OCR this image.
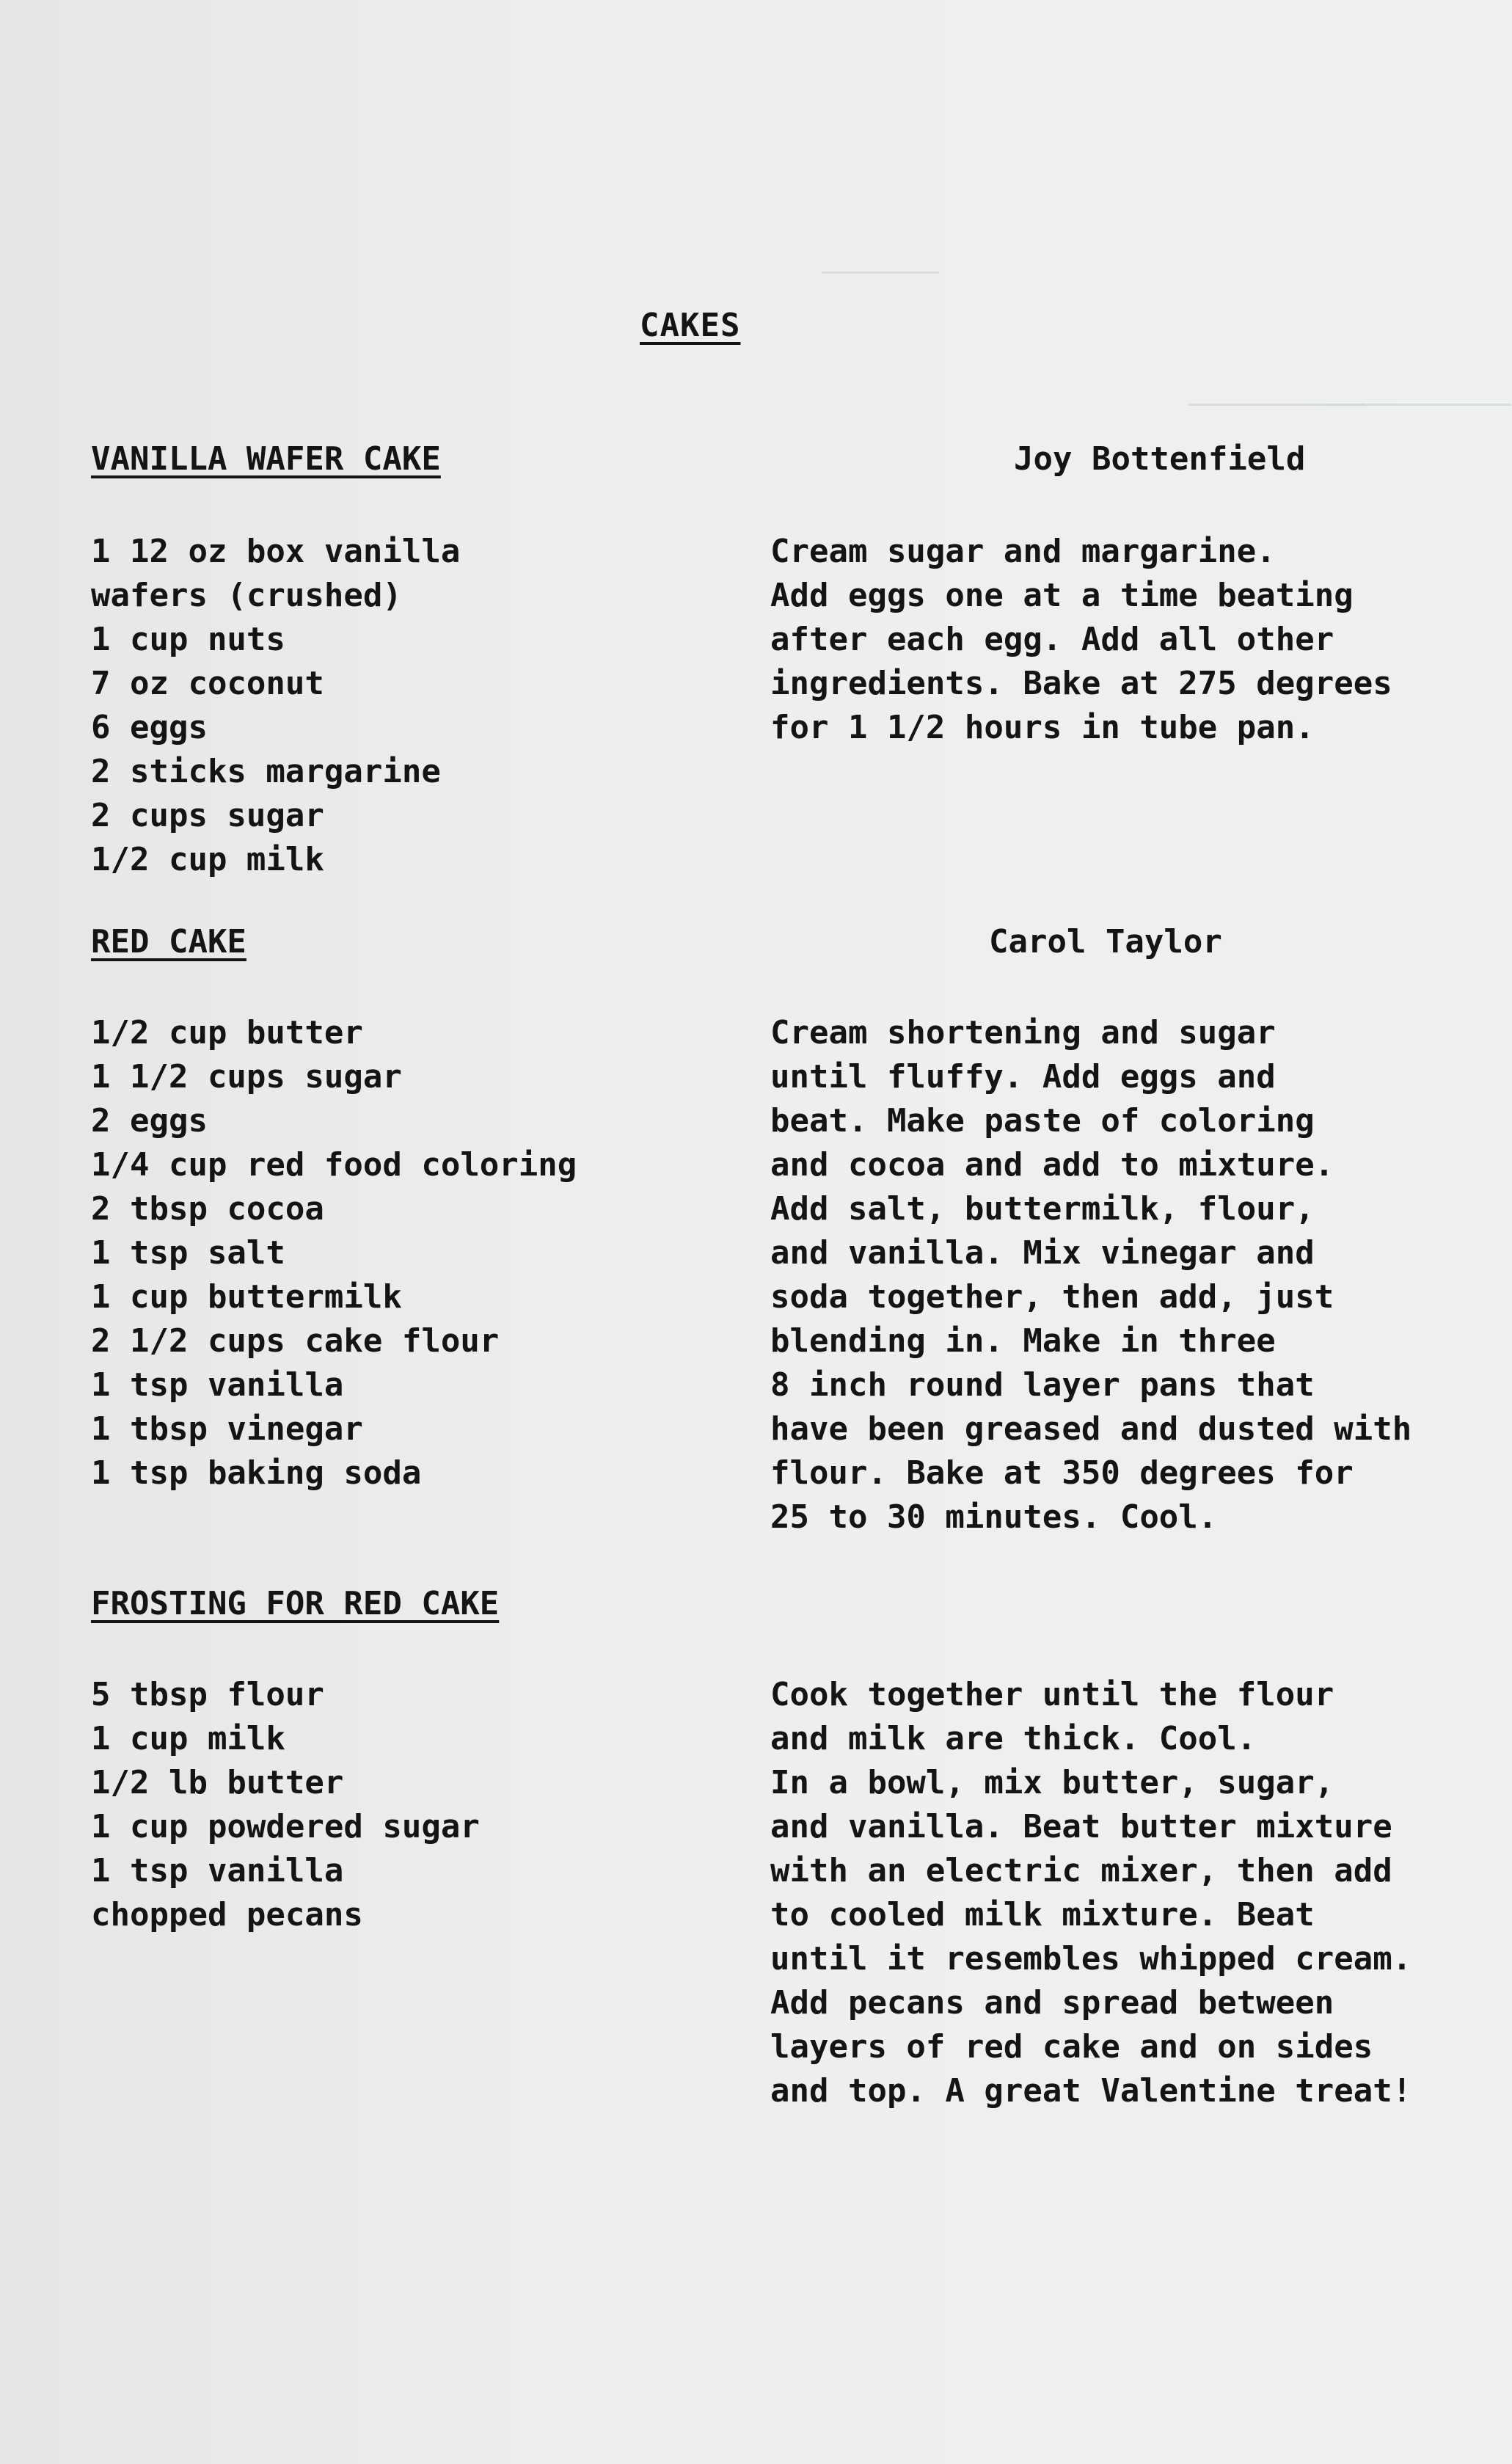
CAKES
VANILLA WAFER CAKE	Joy Bottenfield
1 12 oz box vanilla
wafers (crushed)
1 cup nuts
7 oz coconut
6 eggs
2 sticks margarine
2 cups sugar
1/2 cup milk
Cream sugar and margarine.
Add eggs one at a time beating
after each egg. Add all other
ingredients. Bake at 275 degrees
for 1 1/2 hours in tube pan.
RED CAKE	Carol Taylor
1/2 cup butter
1 1/2 cups sugar
2 eggs
1/4 cup red food coloring
2 tbsp cocoa
1 tsp salt
1 cup buttermilk
2 1/2 cups cake flour
1 tsp vanilla
1 tbsp vinegar
1 tsp baking soda
Cream shortening and sugar
until fluffy. Add eggs and
beat. Make paste of coloring
and cocoa and add to mixture.
Add salt, buttermilk, flour,
and vanilla. Mix vinegar and
soda together, then add, just
blending in. Make in three
8 inch round layer pans that
have been greased and dusted with
flour. Bake at 350 degrees for
25 to 30 minutes. Cool.
FROSTING FOR RED CAKE
5 tbsp flour
1 cup milk
1/2 lb butter
1 cup powdered sugar
1 tsp vanilla
chopped pecans
Cook together until the flour
and milk are thick. Cool.
In a bowl, mix butter, sugar,
and vanilla. Beat butter mixture
with an electric mixer, then add
to cooled milk mixture. Beat
until it resembles whipped cream.
Add pecans and spread between
layers of red cake and on sides
and top. A great Valentine treat!
